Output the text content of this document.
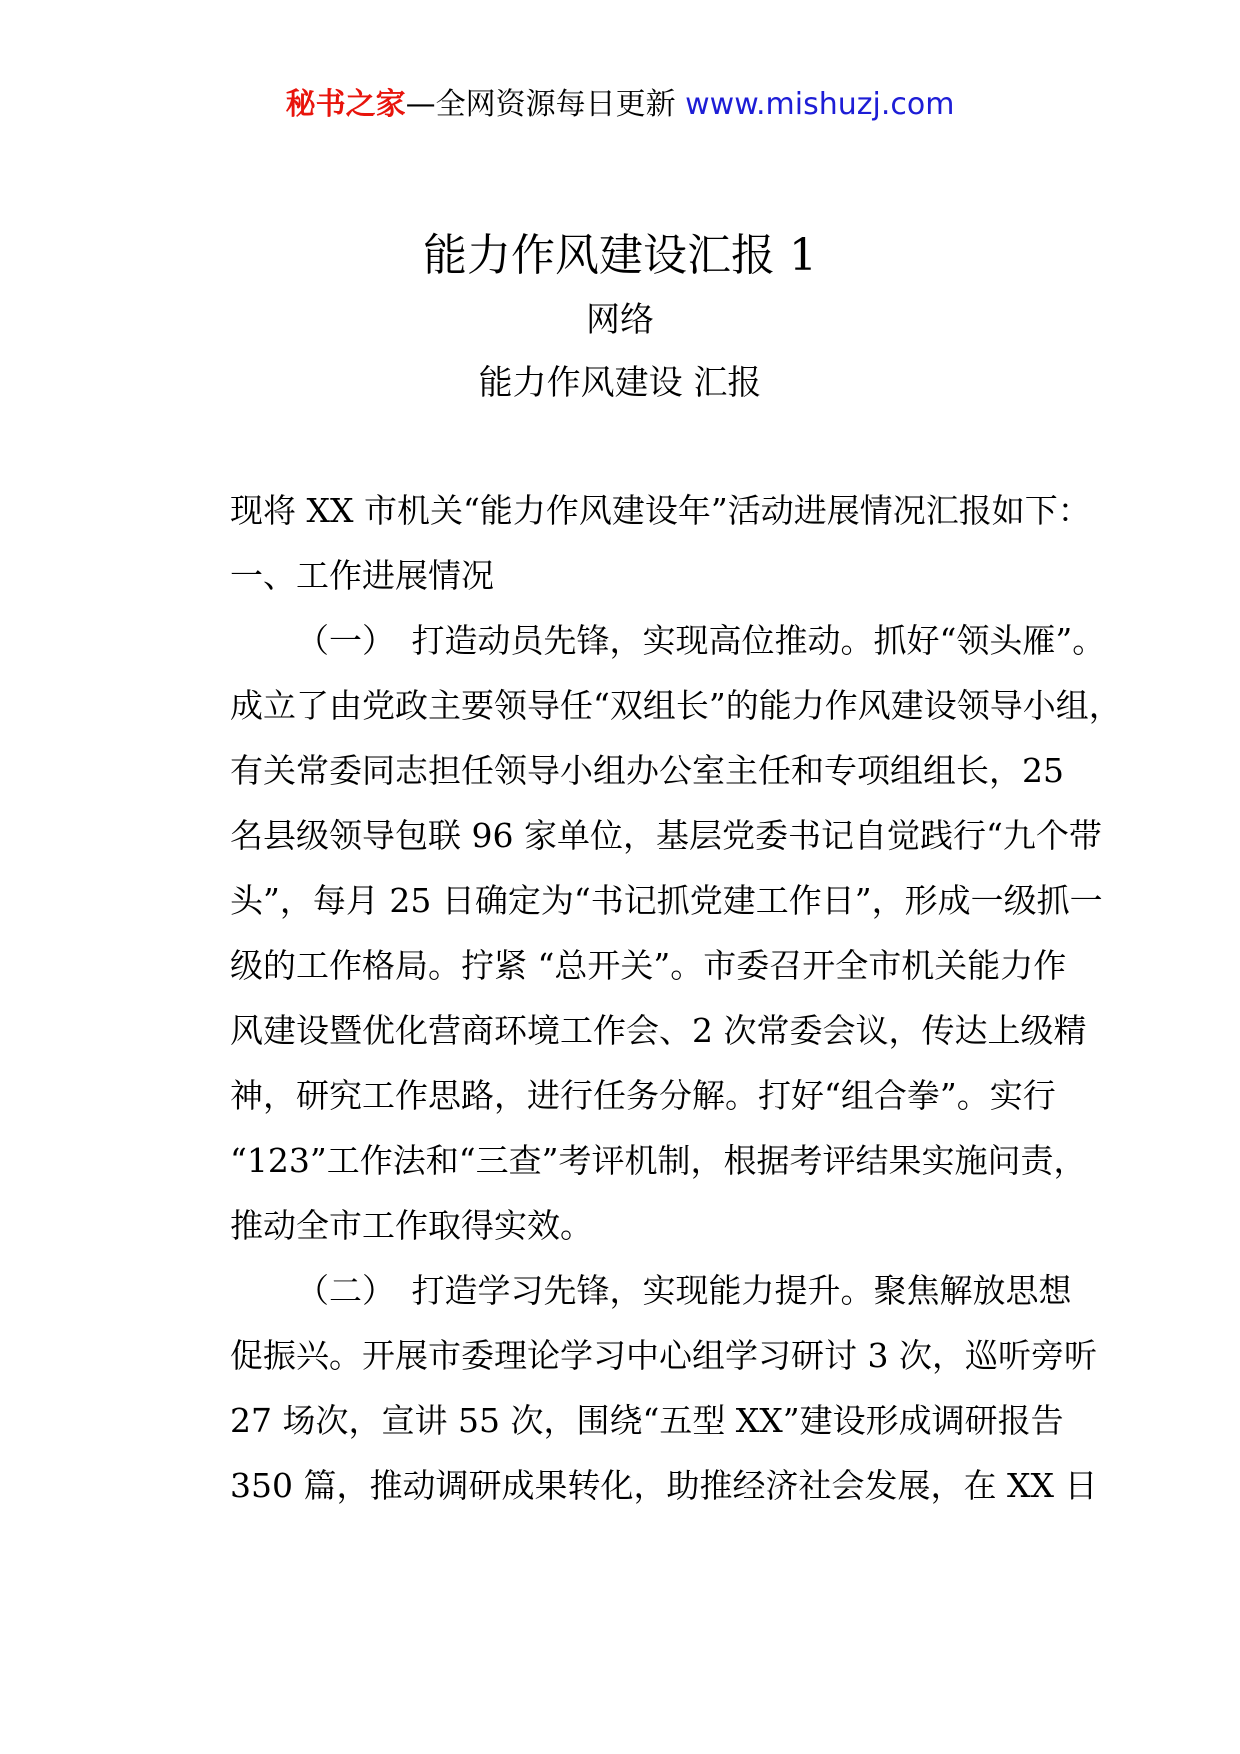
秘书之家—全网资源每日更新 www.mishuzj.com
能力作风建设汇报 1
网络
能力作风建设 汇报
现将 XX 市机关“能力作风建设年”活动进展情况汇报如下：
一、工作进展情况
（一）　打造动员先锋，实现高位推动。抓好“领头雁”。
成立了由党政主要领导任“双组长”的能力作风建设领导小组，
有关常委同志担任领导小组办公室主任和专项组组长，25
名县级领导包联 96 家单位，基层党委书记自觉践行“九个带
头”，每月 25 日确定为“书记抓党建工作日”，形成一级抓一
级的工作格局。拧紧 “总开关”。市委召开全市机关能力作
风建设暨优化营商环境工作会、2 次常委会议，传达上级精
神，研究工作思路，进行任务分解。打好“组合拳”。实行
“123”工作法和“三查”考评机制，根据考评结果实施问责，
推动全市工作取得实效。
（二）　打造学习先锋，实现能力提升。聚焦解放思想
促振兴。开展市委理论学习中心组学习研讨 3 次，巡听旁听
27 场次，宣讲 55 次，围绕“五型 XX”建设形成调研报告
350 篇，推动调研成果转化，助推经济社会发展，在 XX 日
